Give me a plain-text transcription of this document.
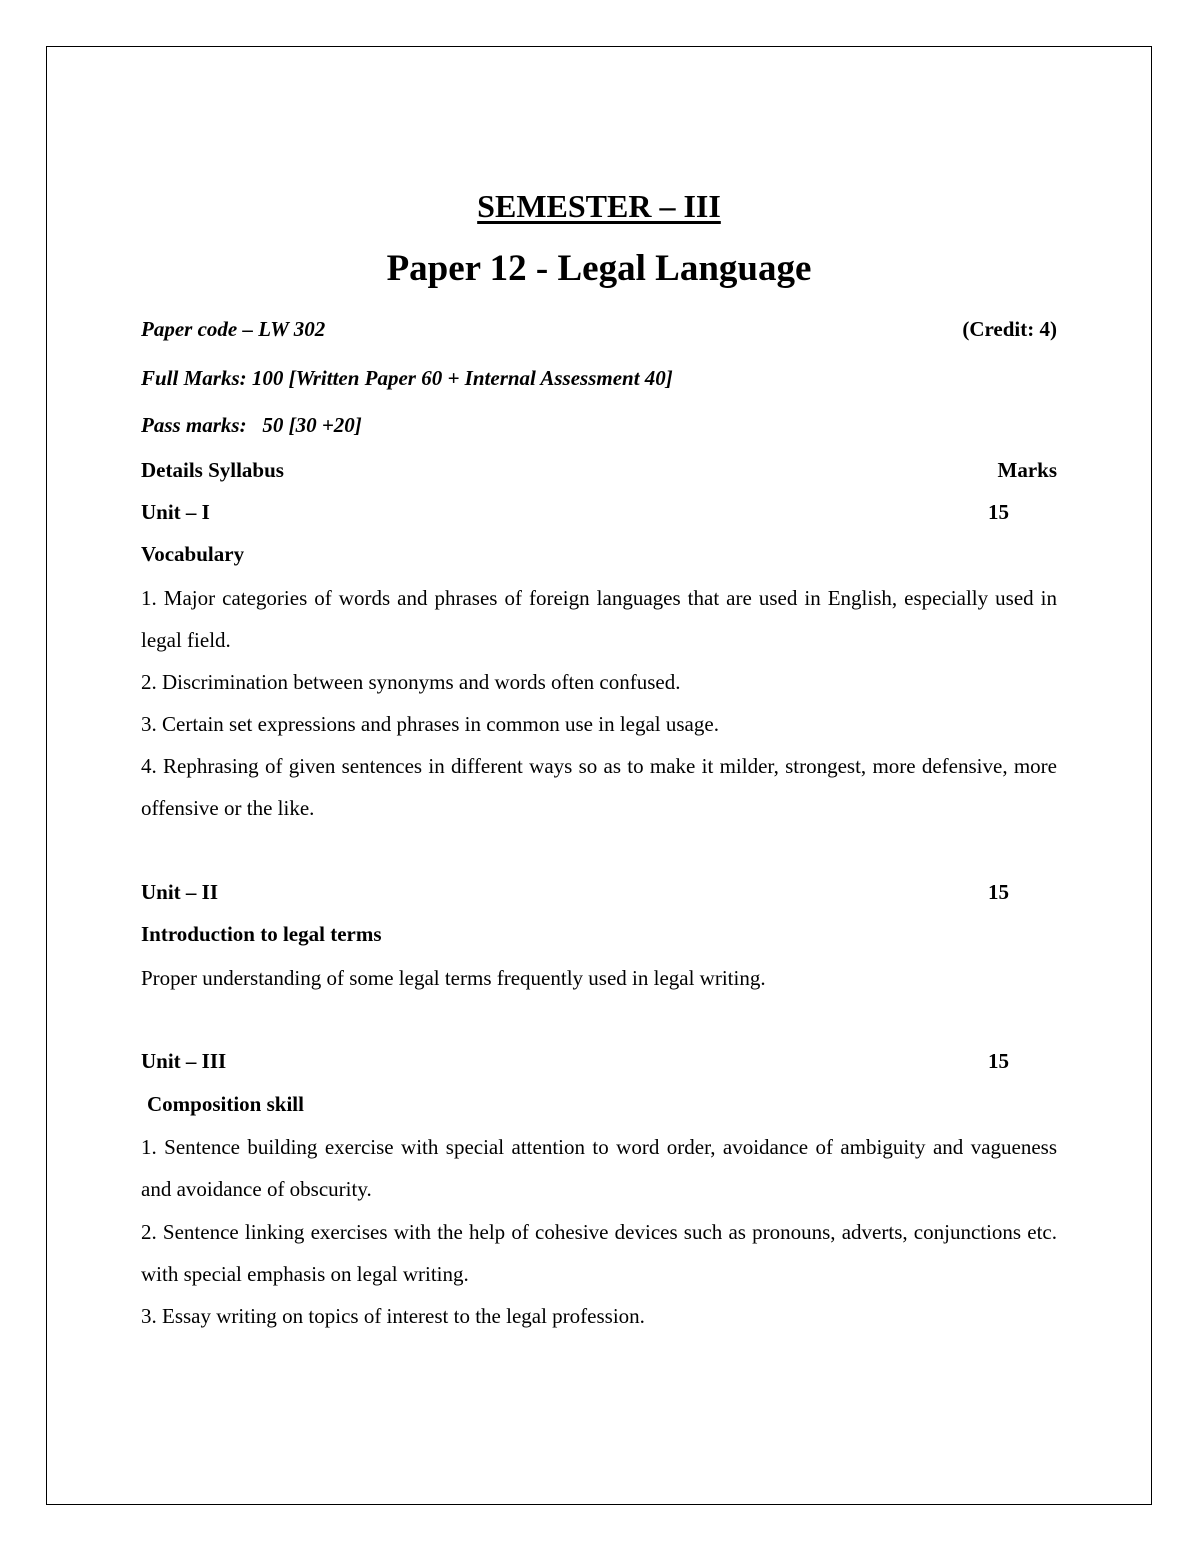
SEMESTER – III
Paper 12 - Legal Language
Paper code – LW 302	(Credit: 4)
Full Marks: 100 [Written Paper 60 + Internal Assessment 40]
Pass marks:   50 [30 +20]
Details Syllabus	Marks
Unit – I	15
Vocabulary
1. Major categories of words and phrases of foreign languages that are used in English, especially used in legal field.
2. Discrimination between synonyms and words often confused.
3. Certain set expressions and phrases in common use in legal usage.
4. Rephrasing of given sentences in different ways so as to make it milder, strongest, more defensive, more offensive or the like.
Unit – II	15
Introduction to legal terms
Proper understanding of some legal terms frequently used in legal writing.
Unit – III	15
Composition skill
1. Sentence building exercise with special attention to word order, avoidance of ambiguity and vagueness and avoidance of obscurity.
2. Sentence linking exercises with the help of cohesive devices such as pronouns, adverts, conjunctions etc. with special emphasis on legal writing.
3. Essay writing on topics of interest to the legal profession.
